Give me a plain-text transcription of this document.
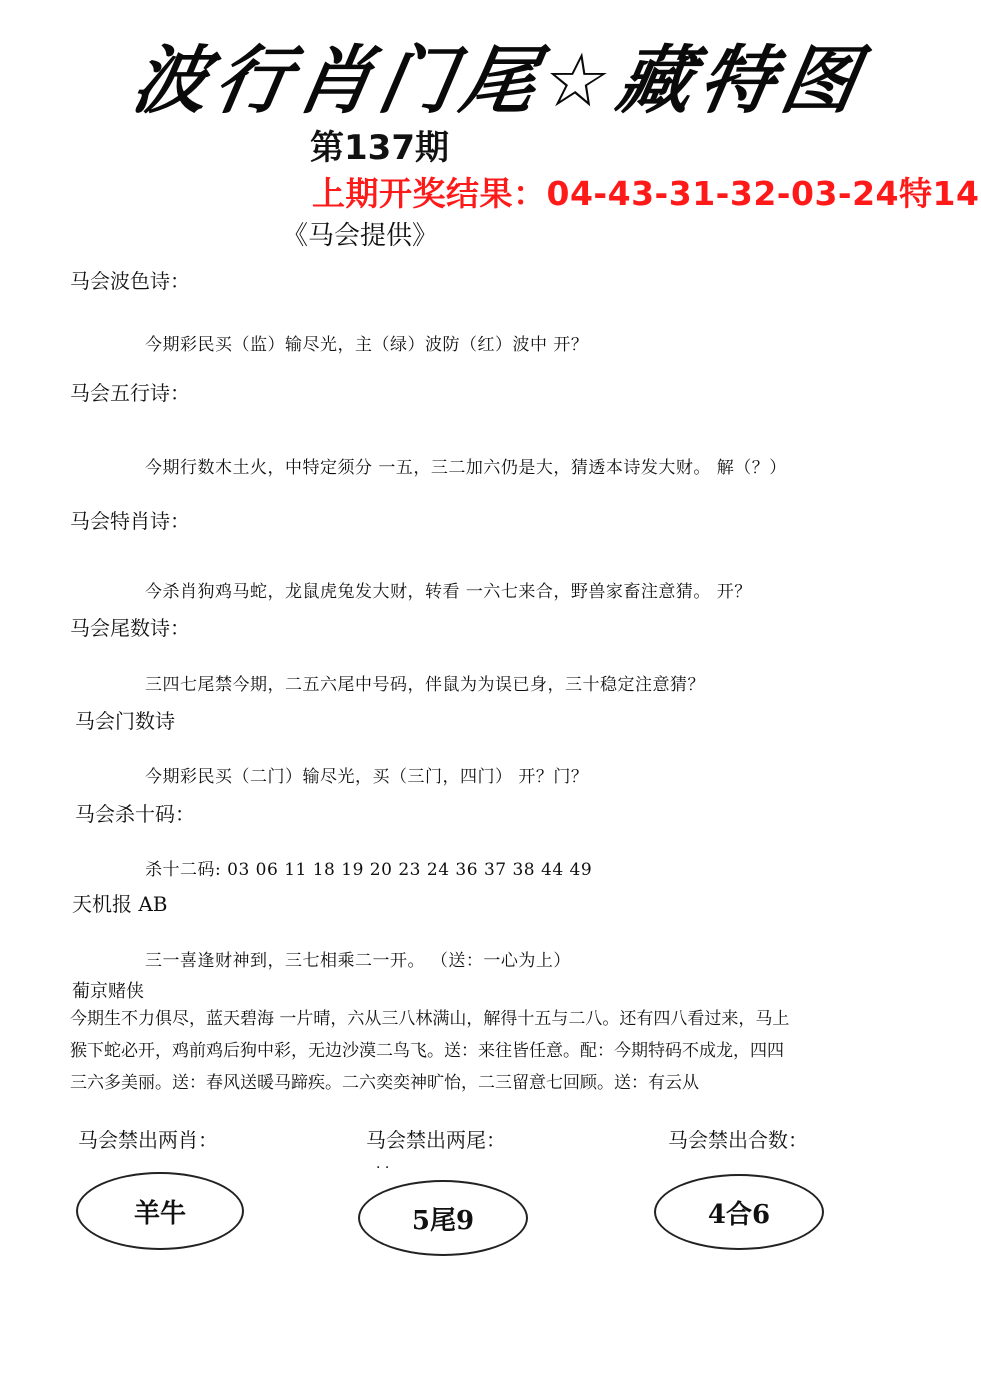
波行肖门尾☆藏特图
第137期
上期开奖结果：04-43-31-32-03-24特14
《马会提供》
马会波色诗：
今期彩民买（监）输尽光，主（绿）波防（红）波中 开？
马会五行诗：
今期行数木土火，中特定须分 一五，三二加六仍是大，猜透本诗发大财。 解（？）
马会特肖诗：
今杀肖狗鸡马蛇，龙鼠虎兔发大财，转看 一六七来合，野兽家畜注意猜。 开？
马会尾数诗：
三四七尾禁今期，二五六尾中号码，伴鼠为为误已身，三十稳定注意猜？
马会门数诗
今期彩民买（二门）输尽光，买（三门，四门） 开？门？
马会杀十码：
杀十二码: 03 06 11 18 19 20 23 24 36 37 38 44 49
天机报 AB
三一喜逢财神到，三七相乘二一开。 （送：一心为上）
葡京赌侠
今期生不力俱尽，蓝天碧海 一片晴，六从三八林满山，解得十五与二八。还有四八看过来，马上
猴下蛇必开，鸡前鸡后狗中彩，无边沙漠二鸟飞。送：来往皆任意。配：今期特码不成龙，四四
三六多美丽。送：春风送暖马蹄疾。二六奕奕神旷怡，二三留意七回顾。送：有云从
马会禁出两肖：	马会禁出两尾：	马会禁出合数：
· ·
羊牛	5尾9	4合6
